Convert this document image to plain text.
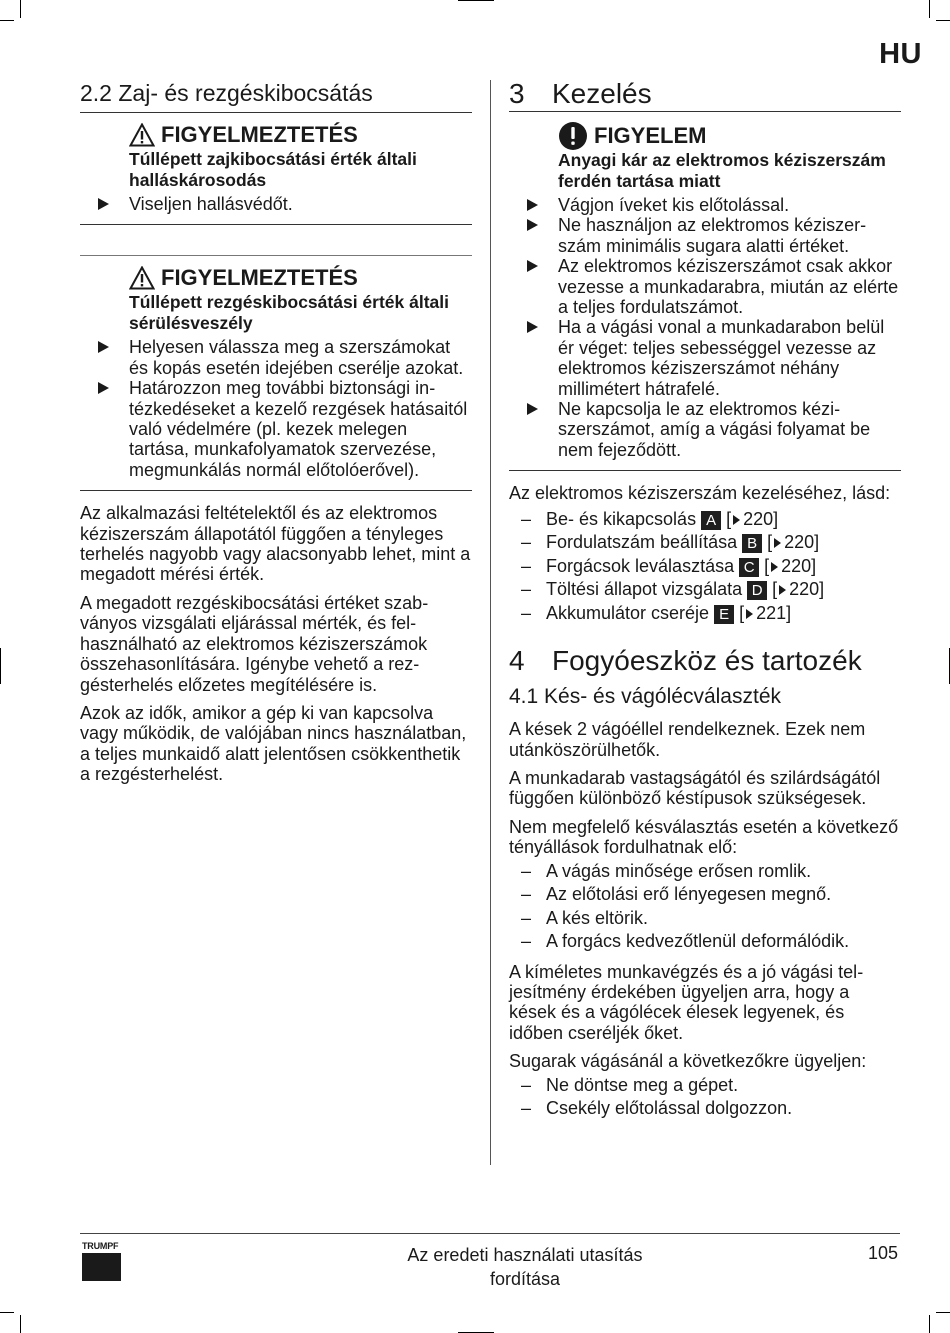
HU
2.2 Zaj- és rezgéskibocsátás
FIGYELMEZTETÉS
Túllépett zajkibocsátási érték általi halláskárosodás
Viseljen hallásvédőt.
FIGYELMEZTETÉS
Túllépett rezgéskibocsátási érték általi sérülésveszély
Helyesen válassza meg a szerszámokat és kopás esetén idejében cserélje azokat.
Határozzon meg további biztonsági intézkedéseket a kezelő rezgések hatásaitól való védelmére (pl. kezek melegen tartása, munkafolyamatok szervezése, megmunkálás normál előtolóerővel).

Az alkalmazási feltételektől és az elektromos kéziszerszám állapotától függően a tényleges terhelés nagyobb vagy alacsonyabb lehet, mint a megadott mérési érték.

A megadott rezgéskibocsátási értéket szabványos vizsgálati eljárással mérték, és felhasználható az elektromos kéziszerszámok összehasonlítására. Igénybe vehető a rezgésterhelés előzetes megítélésére is.

Azok az idők, amikor a gép ki van kapcsolva vagy működik, de valójában nincs használatban, a teljes munkaidő alatt jelentősen csökkenthetik a rezgésterhelést.

3 Kezelés
FIGYELEM
Anyagi kár az elektromos kéziszerszám ferdén tartása miatt
Vágjon íveket kis előtolással.
Ne használjon az elektromos kéziszerszám minimális sugara alatti értéket.
Az elektromos kéziszerszámot csak akkor vezesse a munkadarabra, miután az elérte a teljes fordulatszámot.
Ha a vágási vonal a munkadarabon belül ér véget: teljes sebességgel vezesse az elektromos kéziszerszámot néhány millimétert hátrafelé.
Ne kapcsolja le az elektromos kéziszerszámot, amíg a vágási folyamat be nem fejeződött.

Az elektromos kéziszerszám kezeléséhez, lásd:

– Be- és kikapcsolás A [ 220]
– Fordulatszám beállítása B [ 220]
– Forgácsok leválasztása C [ 220]
– Töltési állapot vizsgálata D [ 220]
– Akkumulátor cseréje E [ 221]
4 Fogyóeszköz és tartozék
4.1 Kés- és vágólécválaszték

A kések 2 vágóéllel rendelkeznek. Ezek nem utánköszörülhetők.

A munkadarab vastagságától és szilárdságától függően különböző késtípusok szükségesek.

Nem megfelelő késválasztás esetén a következő tényállások fordulhatnak elő:

– A vágás minősége erősen romlik.
– Az előtolási erő lényegesen megnő.
– A kés eltörik.
– A forgács kedvezőtlenül deformálódik.

A kíméletes munkavégzés és a jó vágási teljesítmény érdekében ügyeljen arra, hogy a kések és a vágólécek élesek legyenek, és időben cseréljék őket.

Sugarak vágásánál a következőkre ügyeljen:

– Ne döntse meg a gépet.
– Csekély előtolással dolgozzon.
TRUMPF	Az eredeti használati utasítás
fordítása
105
